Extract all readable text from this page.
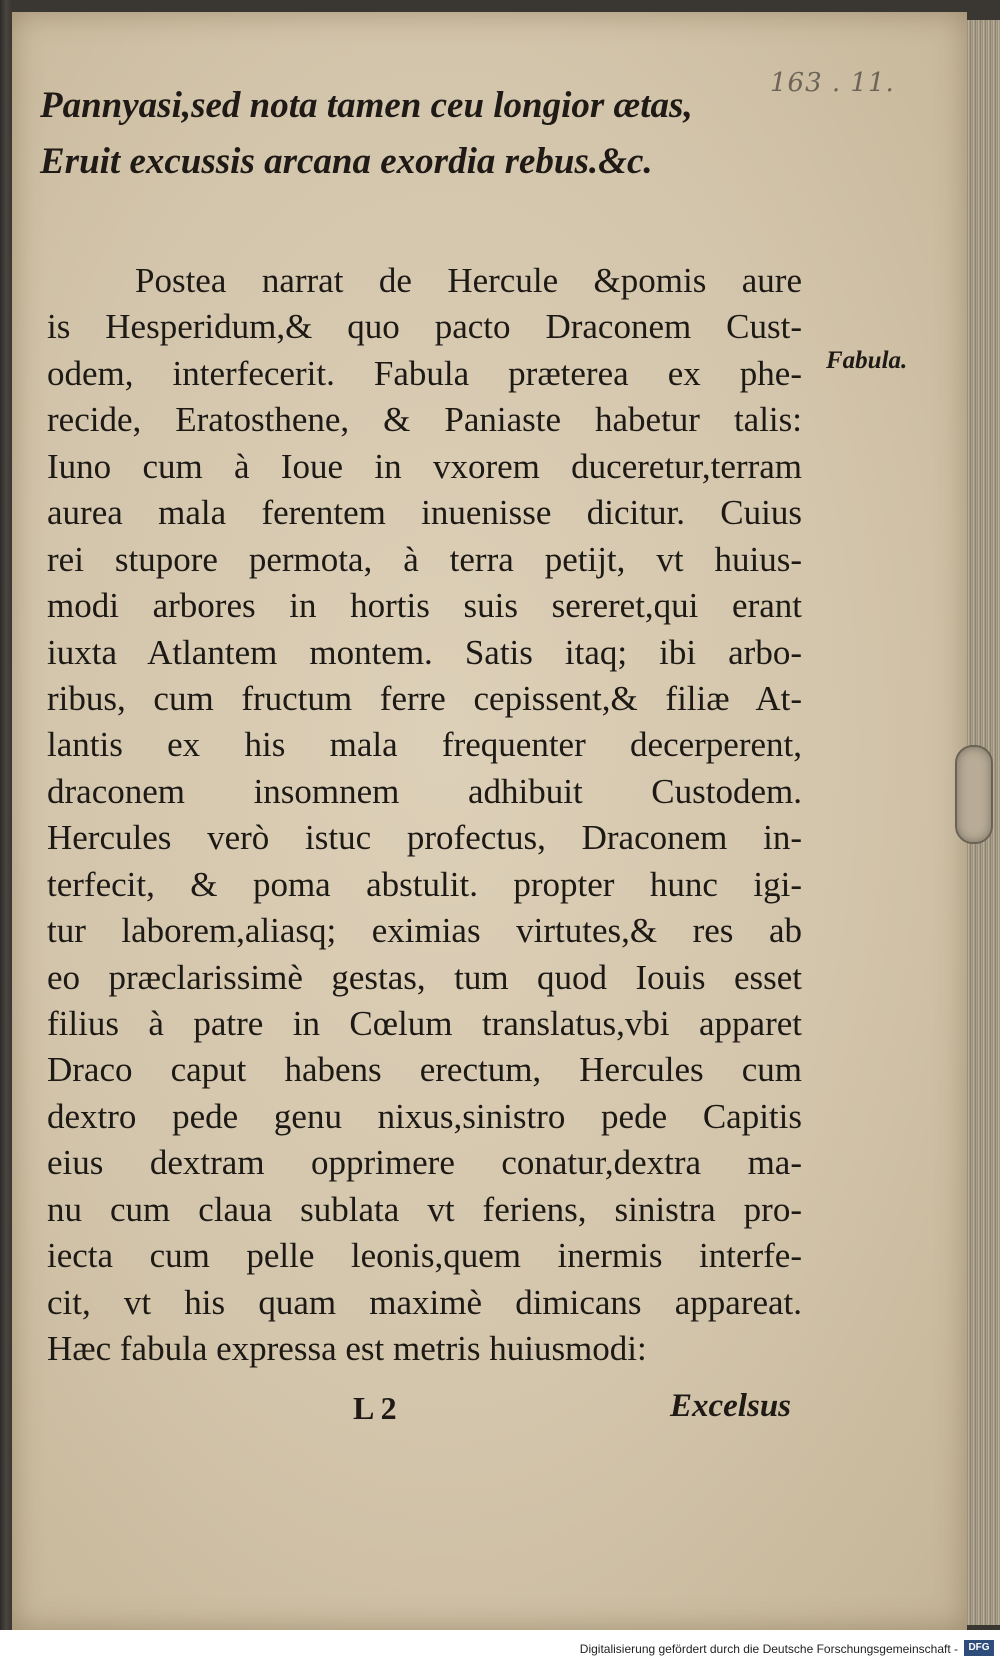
163 . 11.
Pannyasi,sed nota tamen ceu longior ætas,
Eruit excussis arcana exordia rebus.&c.
Postea narrat de Hercule &pomis aure
is Hesperidum,& quo pacto Draconem Cust-
odem, interfecerit. Fabula præterea ex phe-
recide, Eratosthene, & Paniaste habetur talis:
Iuno cum à Ioue in vxorem duceretur,terram
aurea mala ferentem inuenisse dicitur. Cuius
rei stupore permota, à terra petijt, vt huius-
modi arbores in hortis suis sereret,qui erant
iuxta Atlantem montem. Satis itaq; ibi arbo-
ribus, cum fructum ferre cepissent,& filiæ At-
lantis ex his mala frequenter decerperent,
draconem insomnem adhibuit Custodem.
Hercules verò istuc profectus, Draconem in-
terfecit, & poma abstulit. propter hunc igi-
tur laborem,aliasq; eximias virtutes,& res ab
eo præclarissimè gestas, tum quod Iouis esset
filius à patre in Cœlum translatus,vbi apparet
Draco caput habens erectum, Hercules cum
dextro pede genu nixus,sinistro pede Capitis
eius dextram opprimere conatur,dextra ma-
nu cum claua sublata vt feriens, sinistra pro-
iecta cum pelle leonis,quem inermis interfe-
cit, vt his quam maximè dimicans appareat.
Hæc fabula expressa est metris huiusmodi:
Fabula.
L 2	Excelsus
Digitalisierung gefördert durch die Deutsche Forschungsgemeinschaft -	DFG
